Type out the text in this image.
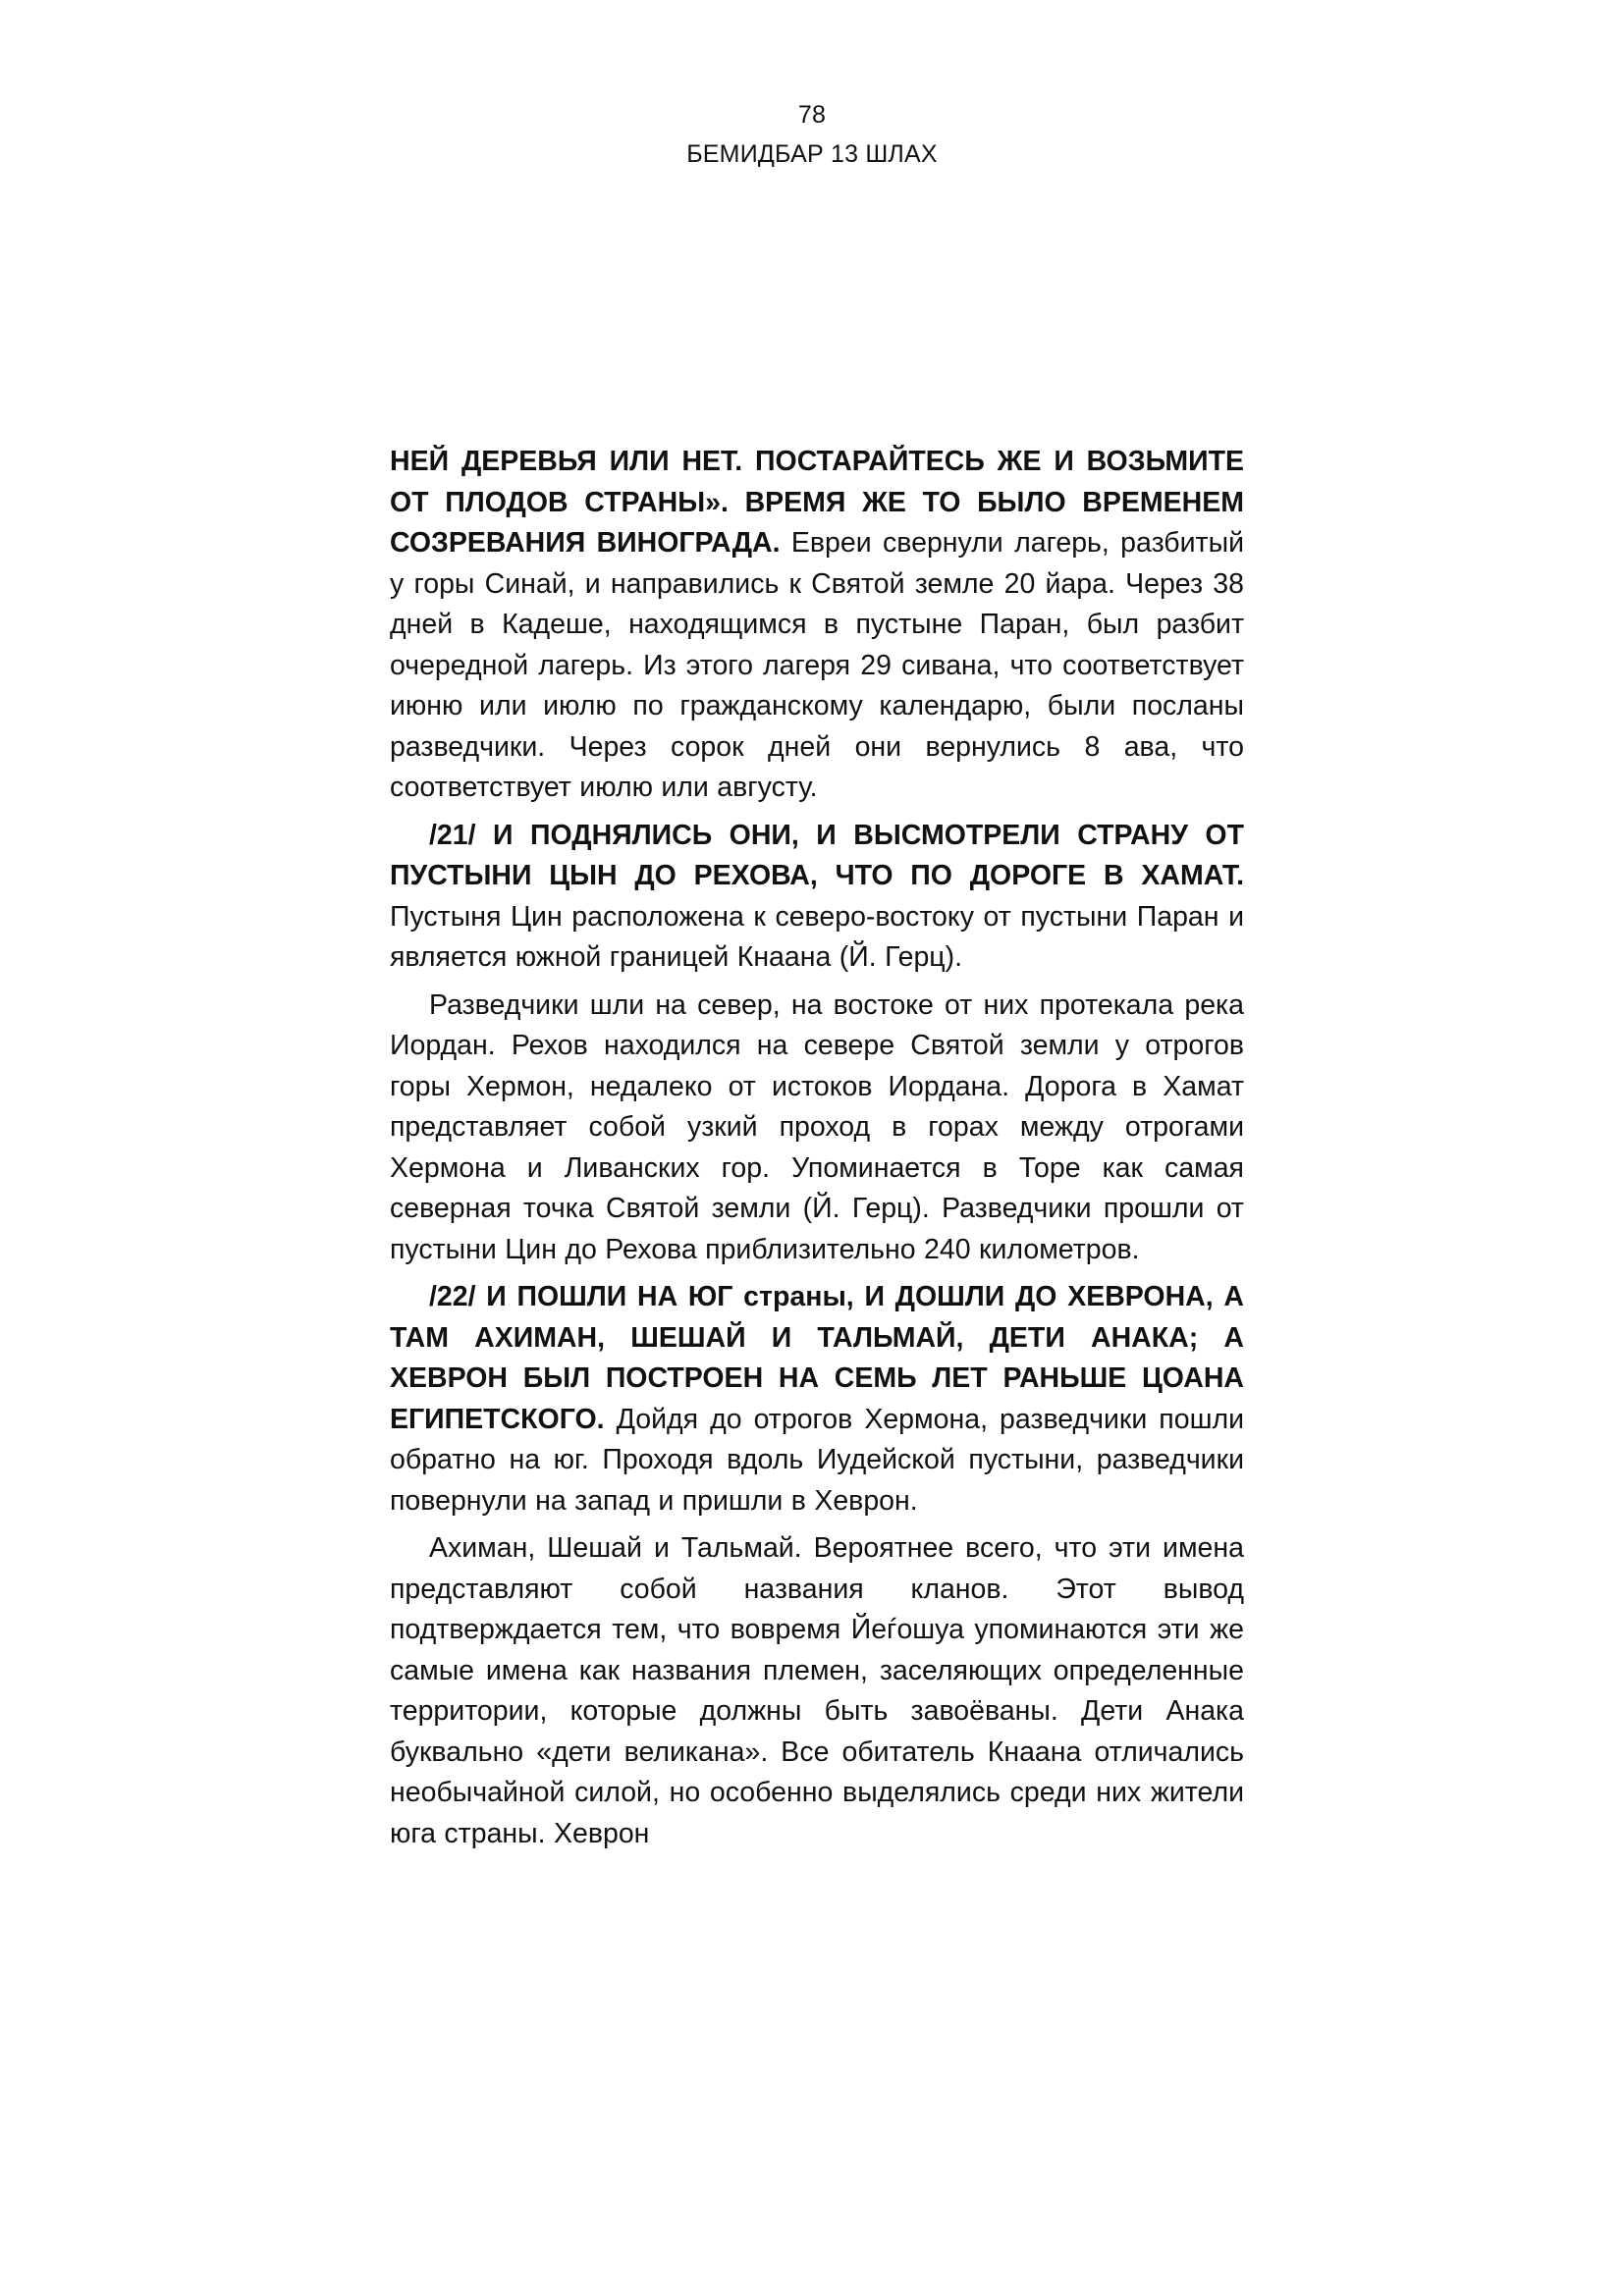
78
БЕМИДБАР 13 ШЛАХ

НЕЙ ДЕРЕВЬЯ ИЛИ НЕТ. ПОСТАРАЙТЕСЬ ЖЕ И ВОЗЬМИТЕ ОТ ПЛОДОВ СТРАНЫ». ВРЕМЯ ЖЕ ТО БЫЛО ВРЕМЕНЕМ СОЗРЕВАНИЯ ВИНОГРАДА. Евреи свернули лагерь, разбитый у горы Синай, и направились к Святой земле 20 йара. Через 38 дней в Кадеше, находящимся в пустыне Паран, был разбит очередной лагерь. Из этого лагеря 29 сивана, что соответствует июню или июлю по гражданскому календарю, были посланы разведчики. Через сорок дней они вернулись 8 ава, что соответствует июлю или августу.

/21/ И ПОДНЯЛИСЬ ОНИ, И ВЫСМОТРЕЛИ СТРАНУ ОТ ПУСТЫНИ ЦЫН ДО РЕХОВА, ЧТО ПО ДОРОГЕ В ХАМАТ. Пустыня Цин расположена к северо-востоку от пустыни Паран и является южной границей Кнаана (Й. Герц).

Разведчики шли на север, на востоке от них протекала река Иордан. Рехов находился на севере Святой земли у отрогов горы Хермон, недалеко от истоков Иордана. Дорога в Хамат представляет собой узкий проход в горах между отрогами Хермона и Ливанских гор. Упоминается в Торе как самая северная точка Святой земли (Й. Герц). Разведчики прошли от пустыни Цин до Рехова приблизительно 240 километров.

/22/ И ПОШЛИ НА ЮГ страны, И ДОШЛИ ДО ХЕВРОНА, А ТАМ АХИМАН, ШЕШАЙ И ТАЛЬМАЙ, ДЕТИ АНАКА; А ХЕВРОН БЫЛ ПОСТРОЕН НА СЕМЬ ЛЕТ РАНЬШЕ ЦОАНА ЕГИПЕТСКОГО. Дойдя до отрогов Хермона, разведчики пошли обратно на юг. Проходя вдоль Иудейской пустыни, разведчики повернули на запад и пришли в Хеврон.

Ахиман, Шешай и Тальмай. Вероятнее всего, что эти имена представляют собой названия кланов. Этот вывод подтверждается тем, что вовремя Йеѓошуа упоминаются эти же самые имена как названия племен, заселяющих определенные территории, которые должны быть завоёваны. Дети Анака буквально «дети великана». Все обитатель Кнаана отличались необычайной силой, но особенно выделялись среди них жители юга страны. Хеврон
